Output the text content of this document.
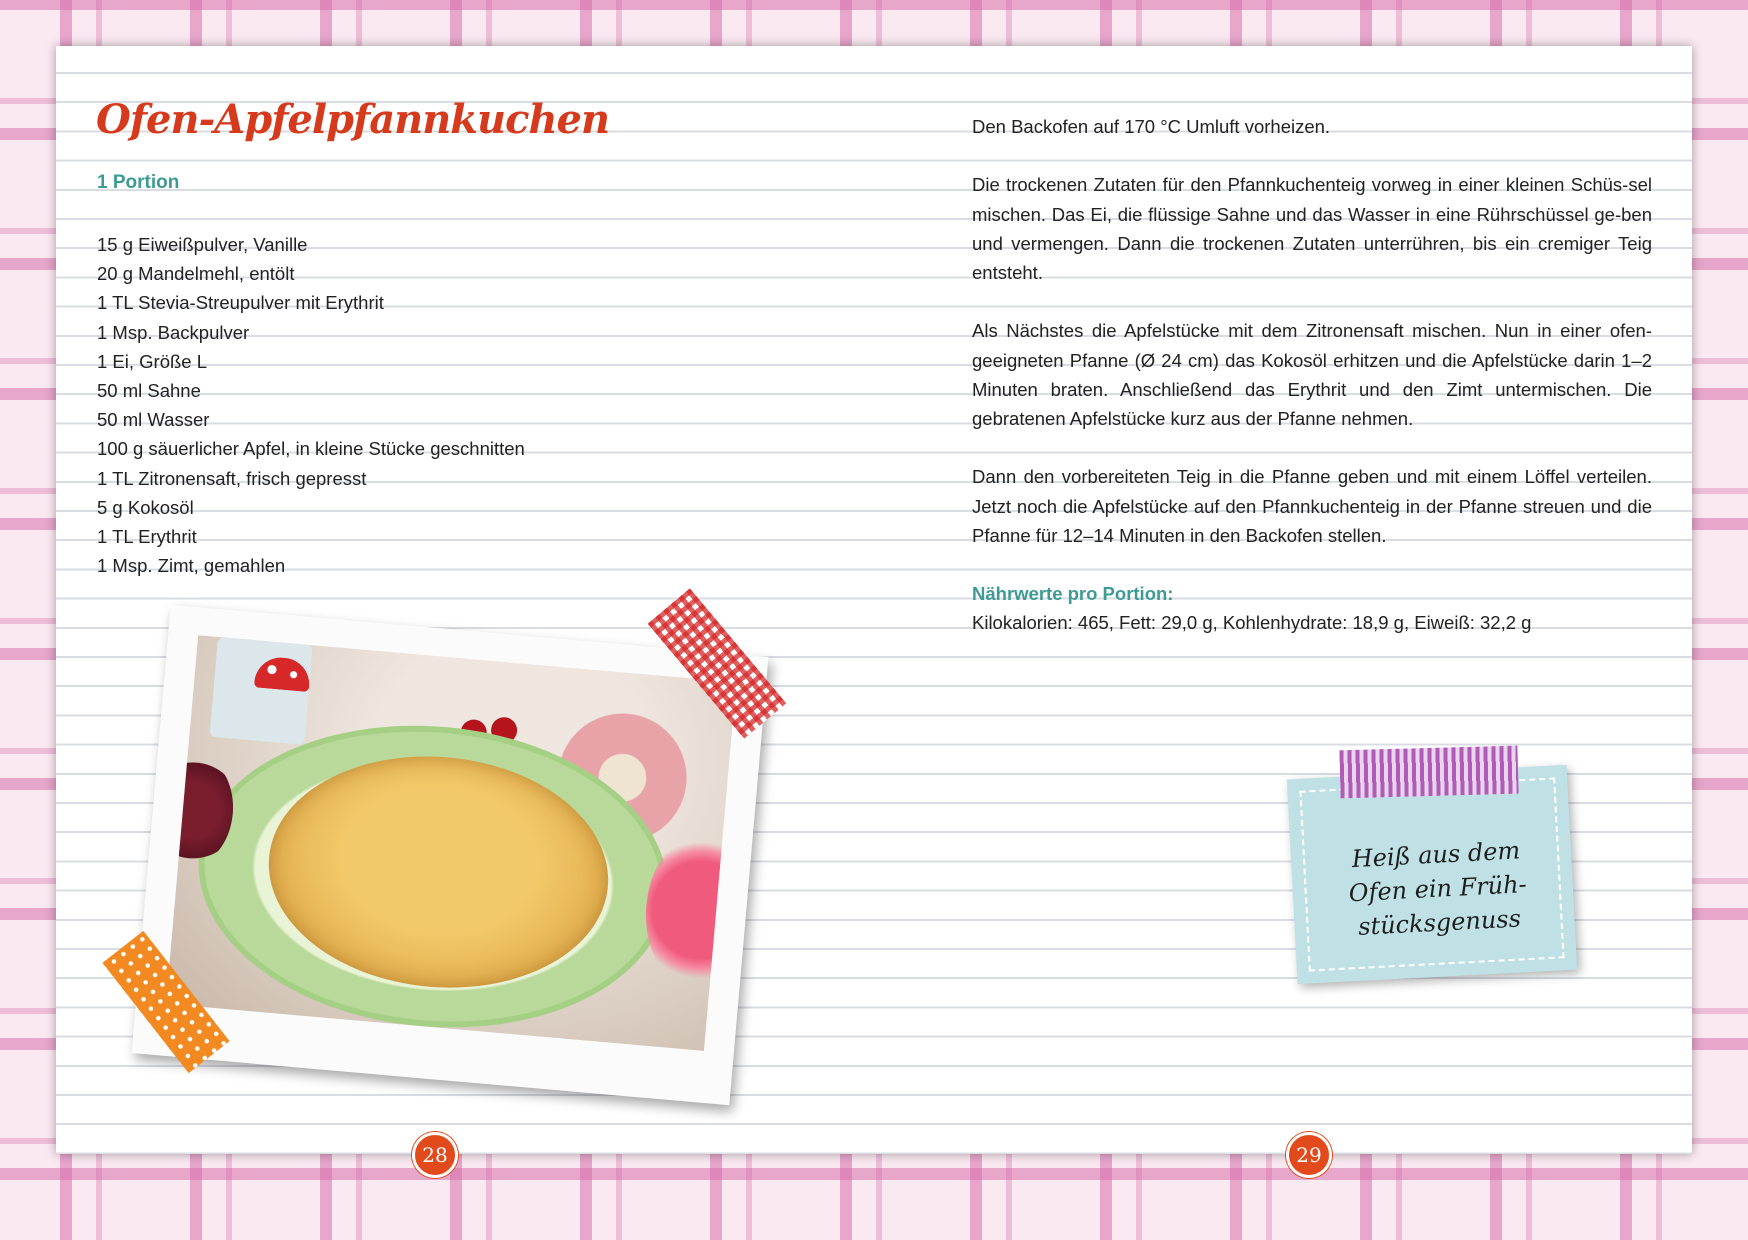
Ofen-Apfelpfannkuchen
1 Portion
15 g Eiweißpulver, Vanille
20 g Mandelmehl, entölt
1 TL Stevia-Streupulver mit Erythrit
1 Msp. Backpulver
1 Ei, Größe L
50 ml Sahne
50 ml Wasser
100 g säuerlicher Apfel, in kleine Stücke geschnitten
1 TL Zitronensaft, frisch gepresst
5 g Kokosöl
1 TL Erythrit
1 Msp. Zimt, gemahlen

Den Backofen auf 170 °C Umluft vorheizen.

Die trockenen Zutaten für den Pfannkuchenteig vorweg in einer kleinen Schüs-sel mischen. Das Ei, die flüssige Sahne und das Wasser in eine Rührschüssel ge-ben und vermengen. Dann die trockenen Zutaten unterrühren, bis ein cremiger Teig entsteht.

Als Nächstes die Apfelstücke mit dem Zitronensaft mischen. Nun in einer ofen-geeigneten Pfanne (Ø 24 cm) das Kokosöl erhitzen und die Apfelstücke darin 1–2 Minuten braten. Anschließend das Erythrit und den Zimt untermischen. Die gebratenen Apfelstücke kurz aus der Pfanne nehmen.

Dann den vorbereiteten Teig in die Pfanne geben und mit einem Löffel verteilen. Jetzt noch die Apfelstücke auf den Pfannkuchenteig in der Pfanne streuen und die Pfanne für 12–14 Minuten in den Backofen stellen.

Nährwerte pro Portion:
Kilokalorien: 465, Fett: 29,0 g, Kohlenhydrate: 18,9 g, Eiweiß: 32,2 g
Heiß aus dem Ofen ein Früh-stücksgenuss
28	29
